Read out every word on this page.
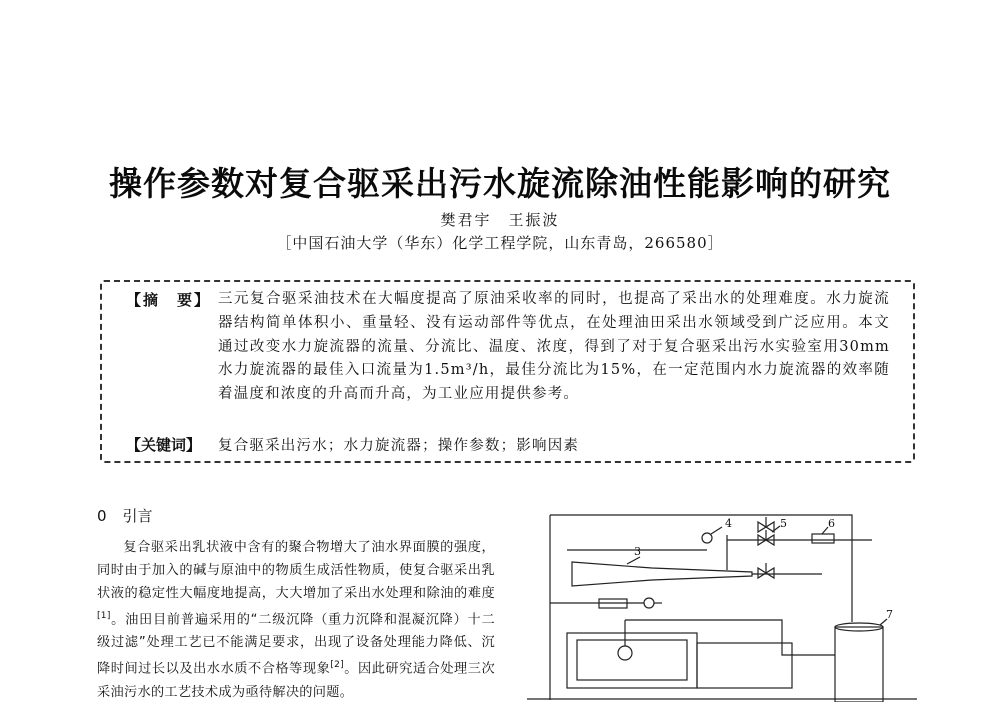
操作参数对复合驱采出污水旋流除油性能影响的研究
樊君宇　王振波
［中国石油大学（华东）化学工程学院，山东青岛，266580］
【摘　要】 三元复合驱采油技术在大幅度提高了原油采收率的同时，也提高了采出水的处理难度。水力旋流器结构简单体积小、重量轻、没有运动部件等优点，在处理油田采出水领域受到广泛应用。本文通过改变水力旋流器的流量、分流比、温度、浓度，得到了对于复合驱采出污水实验室用30mm水力旋流器的最佳入口流量为1.5m³/h，最佳分流比为15%，在一定范围内水力旋流器的效率随着温度和浓度的升高而升高，为工业应用提供参考。

【关键词】 复合驱采出污水；水力旋流器；操作参数；影响因素
0 引言

复合驱采出乳状液中含有的聚合物增大了油水界面膜的强度，同时由于加入的碱与原油中的物质生成活性物质，使复合驱采出乳状液的稳定性大幅度地提高，大大增加了采出水处理和除油的难度[1]。油田目前普遍采用的“二级沉降（重力沉降和混凝沉降）十二级过滤”处理工艺已不能满足要求，出现了设备处理能力降低、沉降时间过长以及出水水质不合格等现象[2]。因此研究适合处理三次采油污水的工艺技术成为亟待解决的问题。

3
4	5	6
7
